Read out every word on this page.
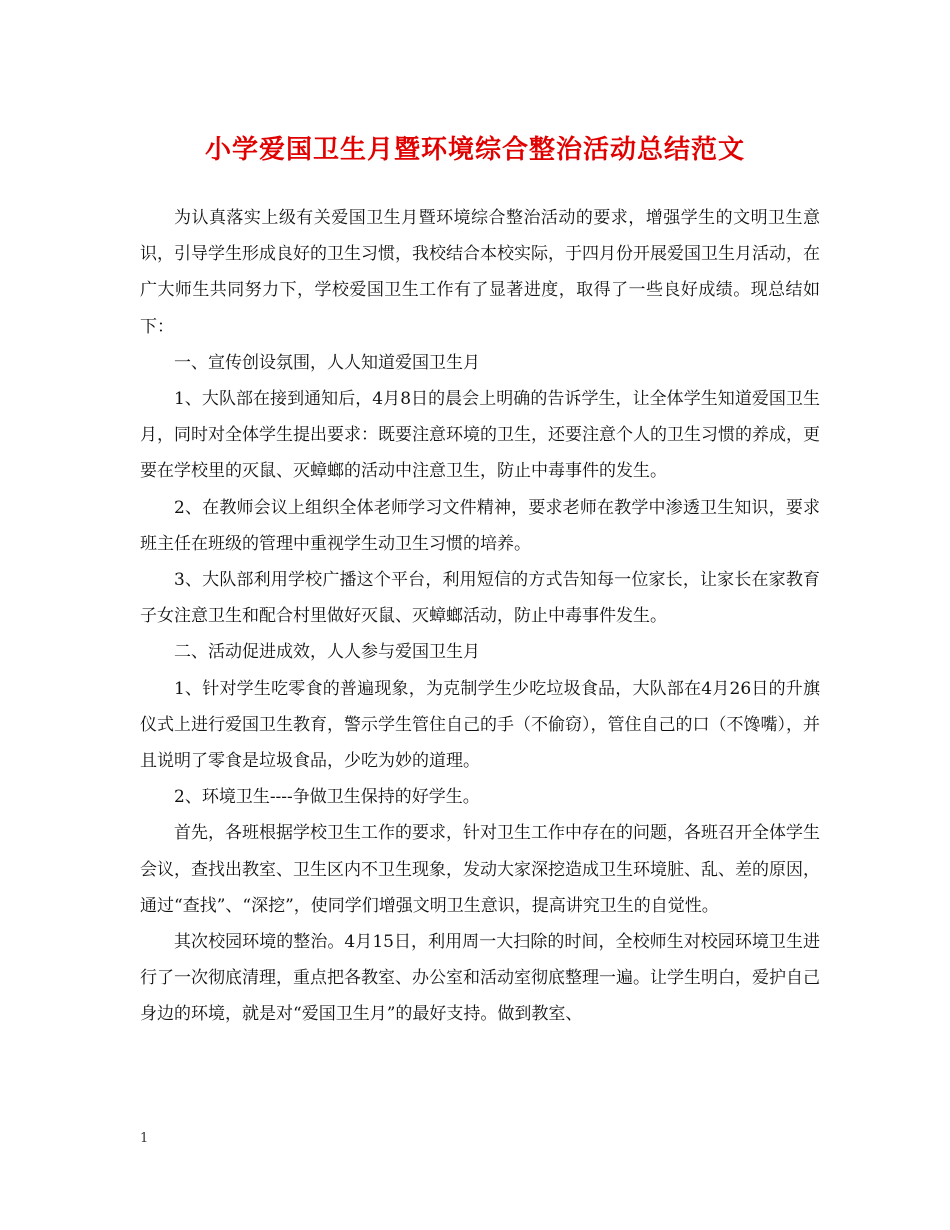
小学爱国卫生月暨环境综合整治活动总结范文

为认真落实上级有关爱国卫生月暨环境综合整治活动的要求，增强学生的文明卫生意识，引导学生形成良好的卫生习惯，我校结合本校实际，于四月份开展爱国卫生月活动，在广大师生共同努力下，学校爱国卫生工作有了显著进度，取得了一些良好成绩。现总结如下：

一、宣传创设氛围，人人知道爱国卫生月

1、大队部在接到通知后，4月8日的晨会上明确的告诉学生，让全体学生知道爱国卫生月，同时对全体学生提出要求：既要注意环境的卫生，还要注意个人的卫生习惯的养成，更要在学校里的灭鼠、灭蟑螂的活动中注意卫生，防止中毒事件的发生。

2、在教师会议上组织全体老师学习文件精神，要求老师在教学中渗透卫生知识，要求班主任在班级的管理中重视学生动卫生习惯的培养。

3、大队部利用学校广播这个平台，利用短信的方式告知每一位家长，让家长在家教育子女注意卫生和配合村里做好灭鼠、灭蟑螂活动，防止中毒事件发生。

二、活动促进成效，人人参与爱国卫生月

1、针对学生吃零食的普遍现象，为克制学生少吃垃圾食品，大队部在4月26日的升旗仪式上进行爱国卫生教育，警示学生管住自己的手（不偷窃），管住自己的口（不馋嘴），并且说明了零食是垃圾食品，少吃为妙的道理。

2、环境卫生----争做卫生保持的好学生。

首先，各班根据学校卫生工作的要求，针对卫生工作中存在的问题，各班召开全体学生会议，查找出教室、卫生区内不卫生现象，发动大家深挖造成卫生环境脏、乱、差的原因，通过“查找”、“深挖”，使同学们增强文明卫生意识，提高讲究卫生的自觉性。

其次校园环境的整治。4月15日，利用周一大扫除的时间，全校师生对校园环境卫生进行了一次彻底清理，重点把各教室、办公室和活动室彻底整理一遍。让学生明白，爱护自己身边的环境，就是对“爱国卫生月”的最好支持。做到教室、

1
